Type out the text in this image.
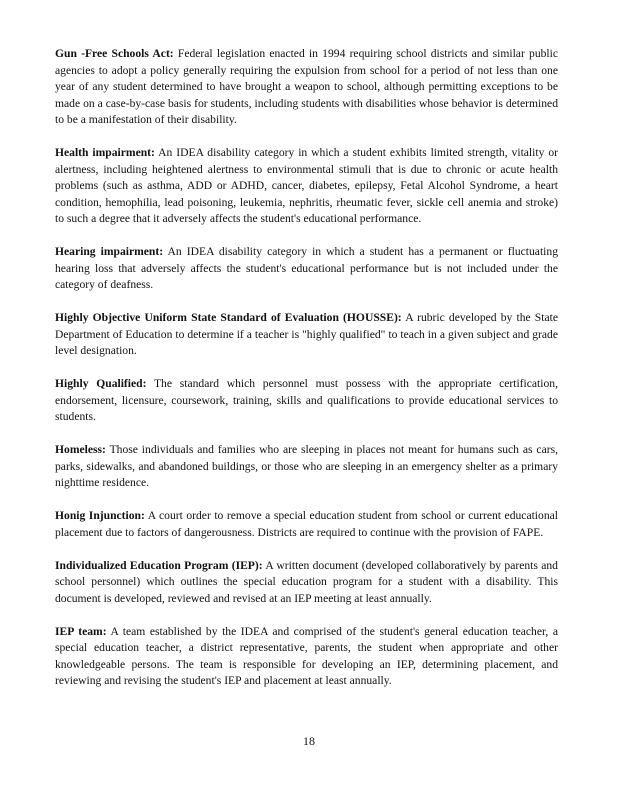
Gun -Free Schools Act: Federal legislation enacted in 1994 requiring school districts and similar public agencies to adopt a policy generally requiring the expulsion from school for a period of not less than one year of any student determined to have brought a weapon to school, although permitting exceptions to be made on a case-by-case basis for students, including students with disabilities whose behavior is determined to be a manifestation of their disability.

Health impairment: An IDEA disability category in which a student exhibits limited strength, vitality or alertness, including heightened alertness to environmental stimuli that is due to chronic or acute health problems (such as asthma, ADD or ADHD, cancer, diabetes, epilepsy, Fetal Alcohol Syndrome, a heart condition, hemophilia, lead poisoning, leukemia, nephritis, rheumatic fever, sickle cell anemia and stroke) to such a degree that it adversely affects the student's educational performance.

Hearing impairment: An IDEA disability category in which a student has a permanent or fluctuating hearing loss that adversely affects the student's educational performance but is not included under the category of deafness.

Highly Objective Uniform State Standard of Evaluation (HOUSSE): A rubric developed by the State Department of Education to determine if a teacher is "highly qualified" to teach in a given subject and grade level designation.

Highly Qualified: The standard which personnel must possess with the appropriate certification, endorsement, licensure, coursework, training, skills and qualifications to provide educational services to students.

Homeless: Those individuals and families who are sleeping in places not meant for humans such as cars, parks, sidewalks, and abandoned buildings, or those who are sleeping in an emergency shelter as a primary nighttime residence.

Honig Injunction: A court order to remove a special education student from school or current educational placement due to factors of dangerousness. Districts are required to continue with the provision of FAPE.

Individualized Education Program (IEP): A written document (developed collaboratively by parents and school personnel) which outlines the special education program for a student with a disability. This document is developed, reviewed and revised at an IEP meeting at least annually.

IEP team: A team established by the IDEA and comprised of the student's general education teacher, a special education teacher, a district representative, parents, the student when appropriate and other knowledgeable persons. The team is responsible for developing an IEP, determining placement, and reviewing and revising the student's IEP and placement at least annually.

18
